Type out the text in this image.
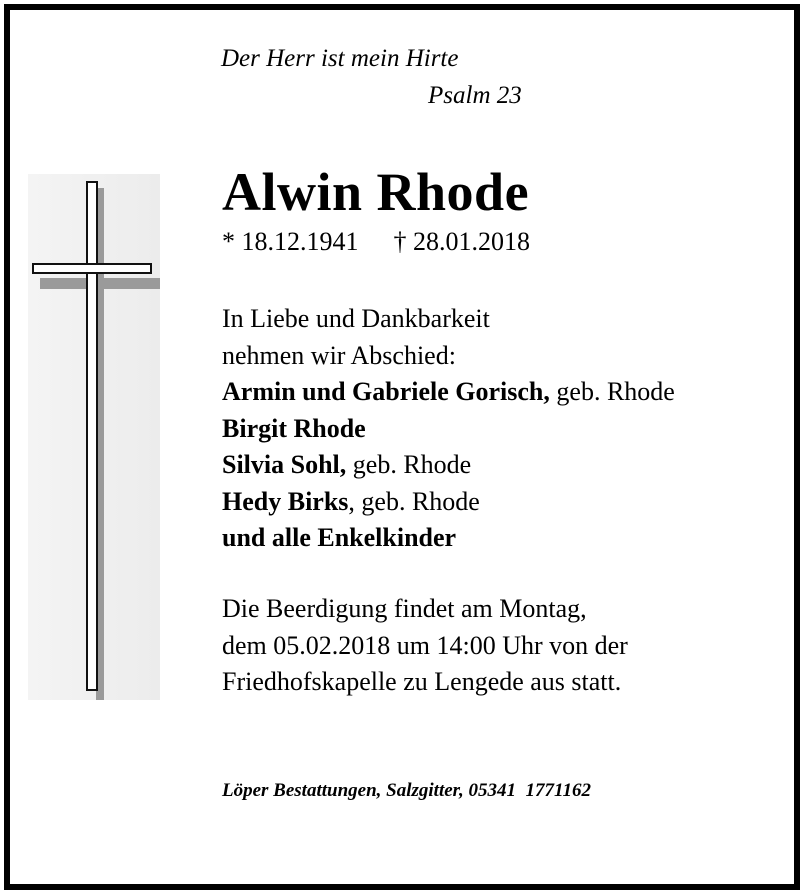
Der Herr ist mein Hirte
Psalm 23
Alwin Rhode
* 18.12.1941 † 28.01.2018
In Liebe und Dankbarkeit
nehmen wir Abschied:
Armin und Gabriele Gorisch, geb. Rhode
Birgit Rhode
Silvia Sohl, geb. Rhode
Hedy Birks, geb. Rhode
und alle Enkelkinder
Die Beerdigung findet am Montag,
dem 05.02.2018 um 14:00 Uhr von der
Friedhofskapelle zu Lengede aus statt.
Löper Bestattungen, Salzgitter, 05341  1771162
